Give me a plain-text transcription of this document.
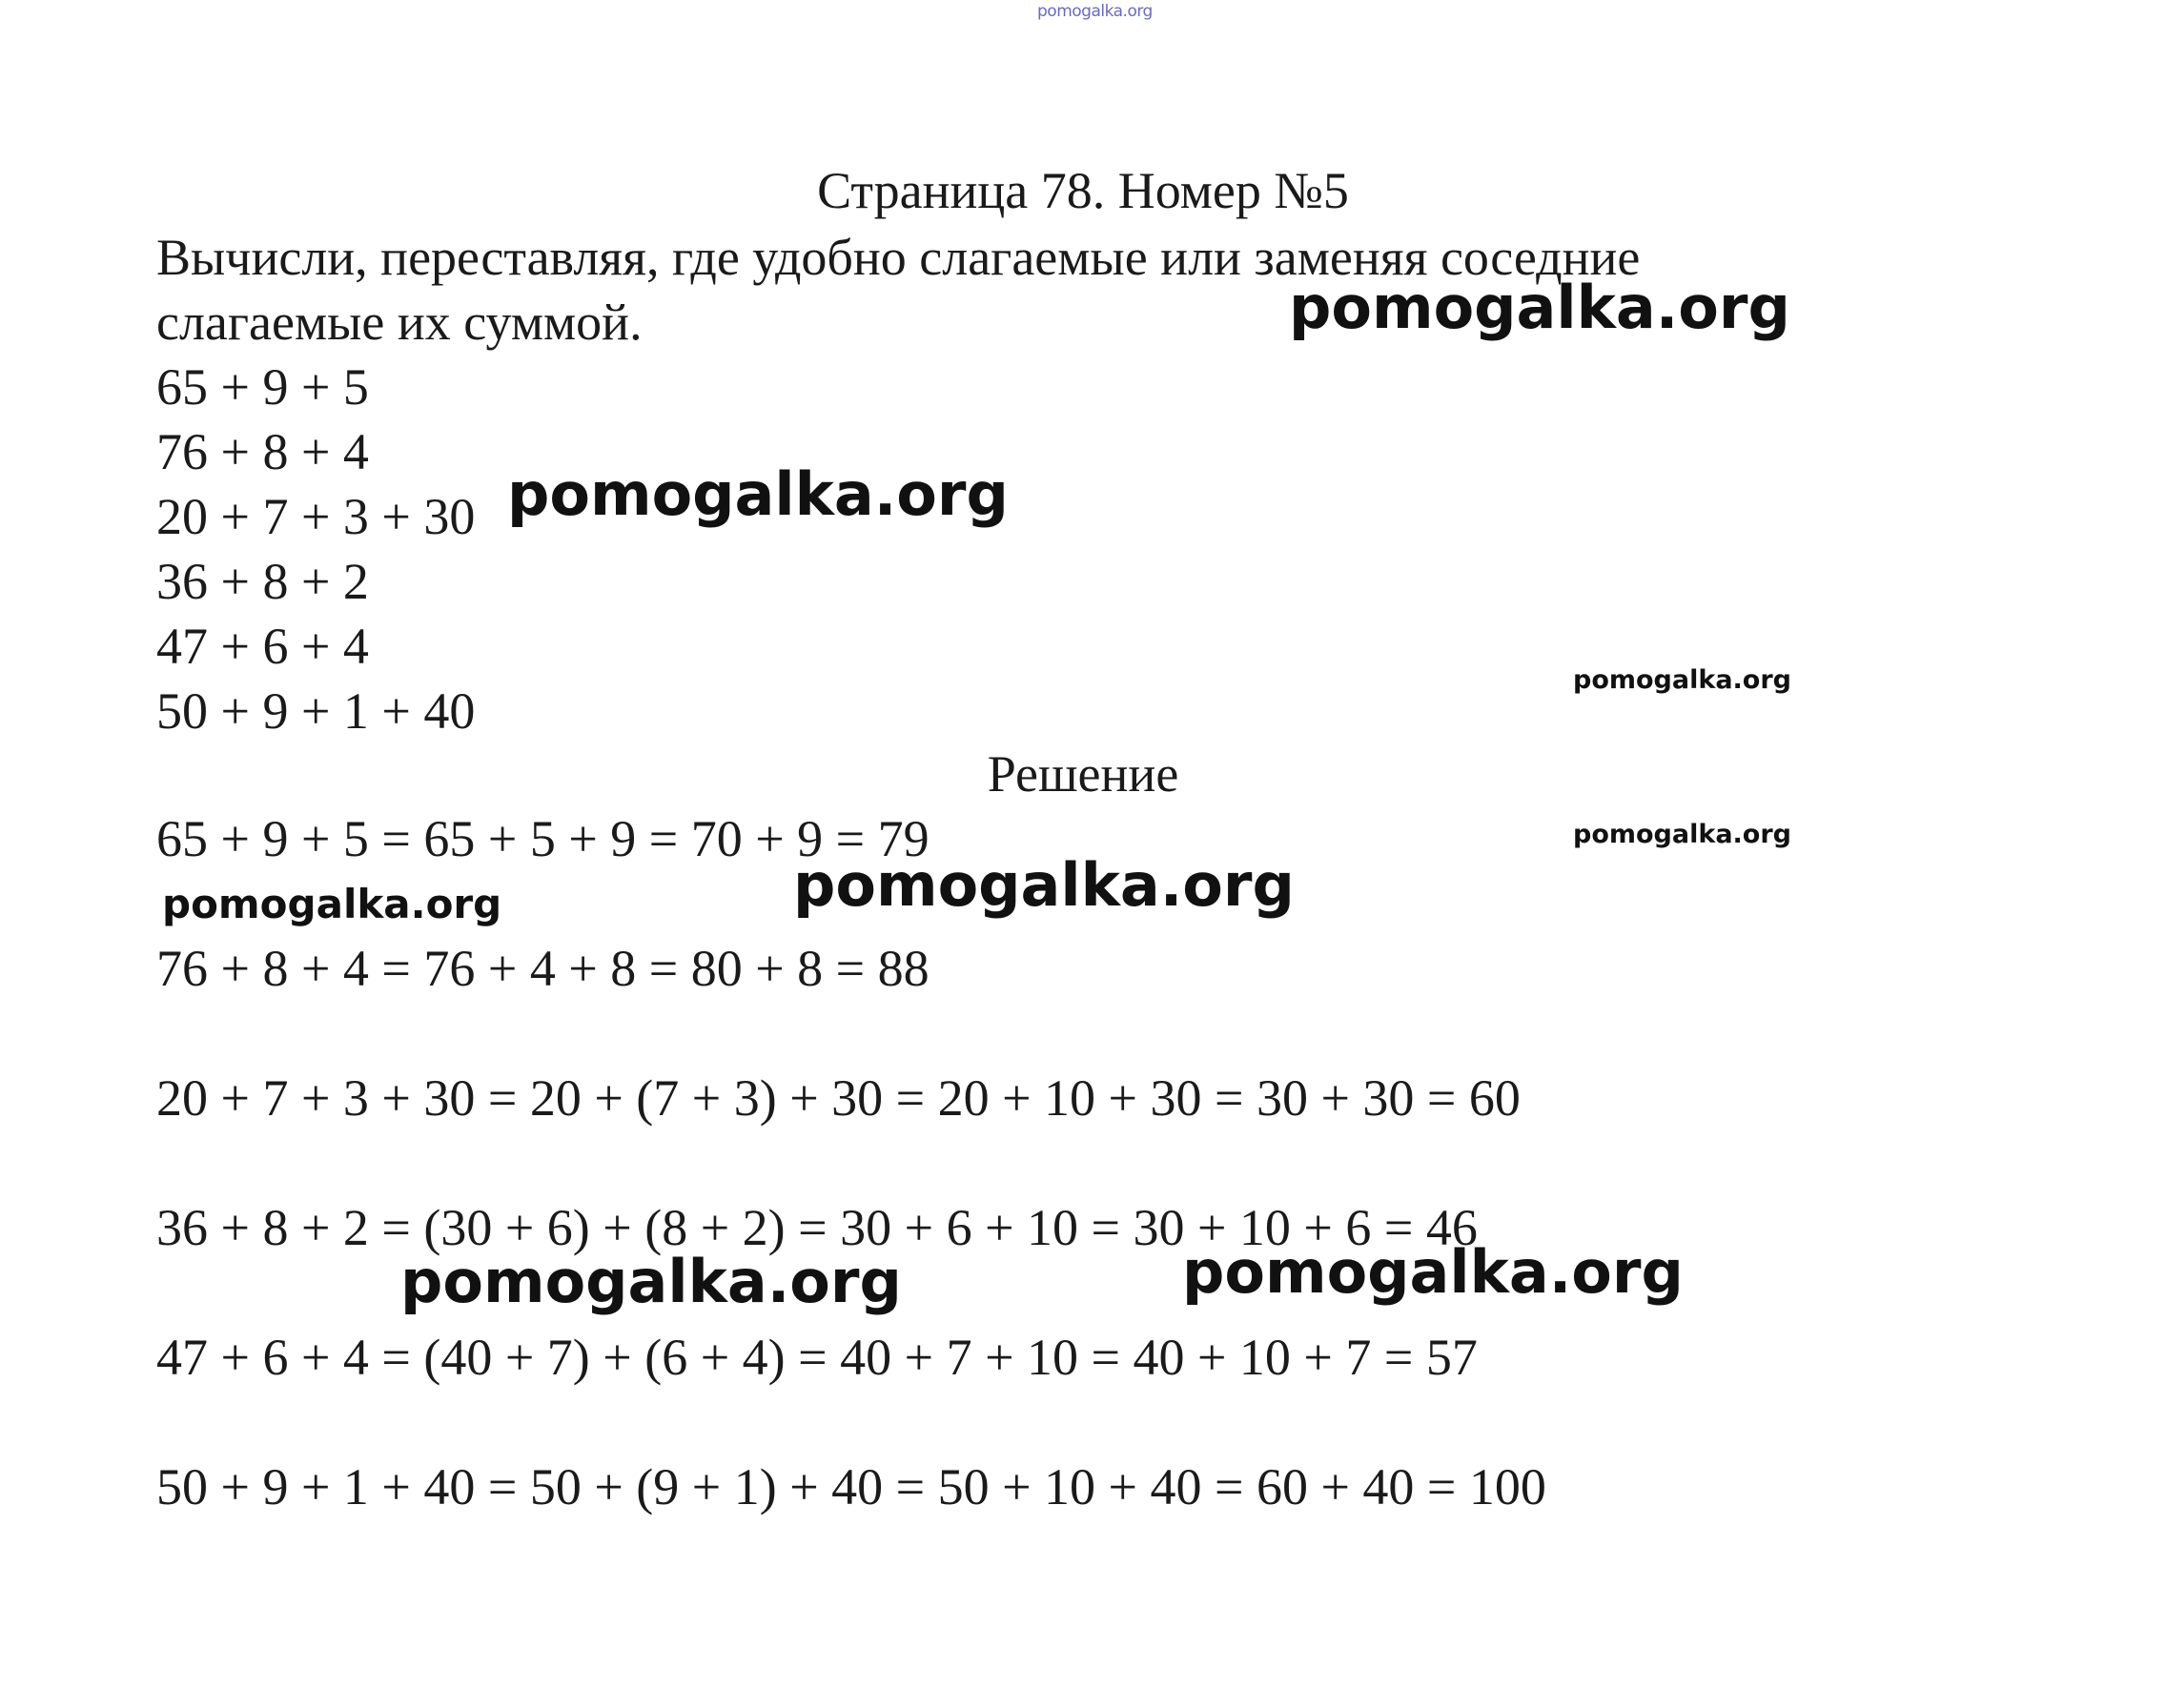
pomogalka.org
Страница 78. Номер №5
Вычисли, переставляя, где удобно слагаемые или заменяя соседние
слагаемые их суммой.
65 + 9 + 5
76 + 8 + 4
20 + 7 + 3 + 30
36 + 8 + 2
47 + 6 + 4
50 + 9 + 1 + 40
Решение
65 + 9 + 5 = 65 + 5 + 9 = 70 + 9 = 79
76 + 8 + 4 = 76 + 4 + 8 = 80 + 8 = 88
20 + 7 + 3 + 30 = 20 + (7 + 3) + 30 = 20 + 10 + 30 = 30 + 30 = 60
36 + 8 + 2 = (30 + 6) + (8 + 2) = 30 + 6 + 10 = 30 + 10 + 6 = 46
47 + 6 + 4 = (40 + 7) + (6 + 4) = 40 + 7 + 10 = 40 + 10 + 7 = 57
50 + 9 + 1 + 40 = 50 + (9 + 1) + 40 = 50 + 10 + 40 = 60 + 40 = 100
pomogalka.org
pomogalka.org
pomogalka.org
pomogalka.org
pomogalka.org
pomogalka.org
pomogalka.org	pomogalka.org
